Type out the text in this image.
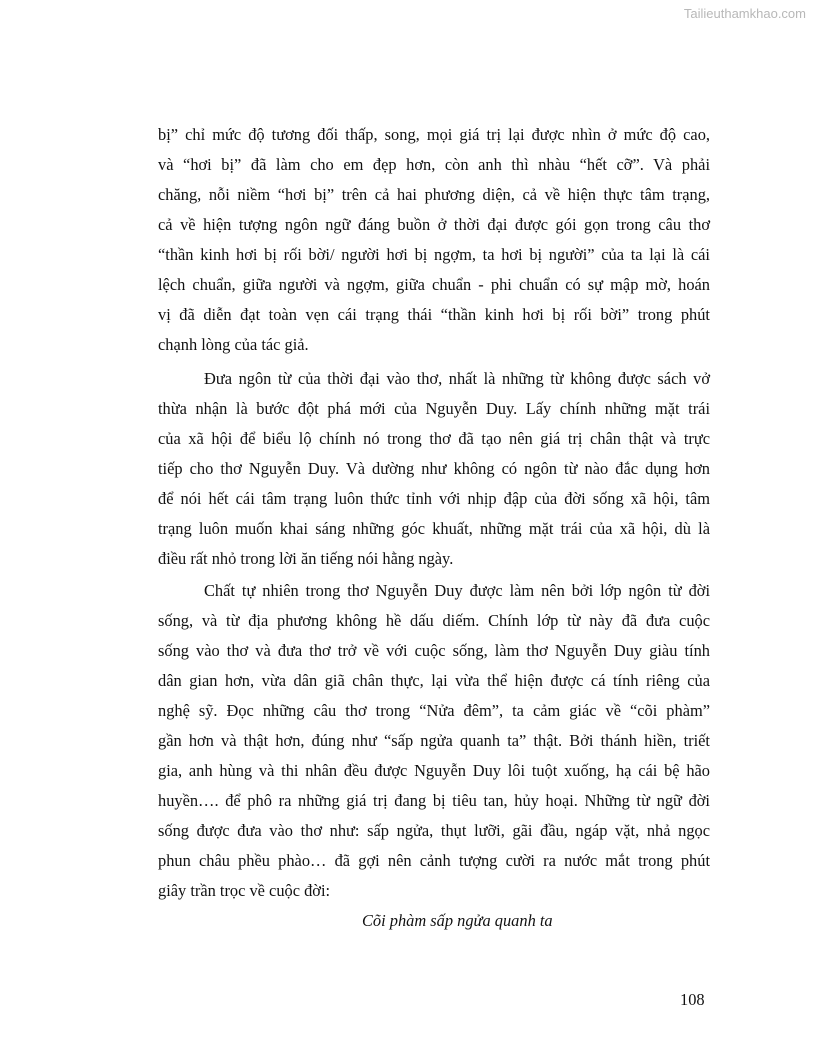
Tailieuthamkhao.com
bị” chỉ mức độ tương đối thấp, song, mọi giá trị lại được nhìn ở mức độ cao,
và “hơi bị” đã làm cho em đẹp hơn, còn anh thì nhàu “hết cỡ”. Và phải
chăng, nỗi niềm “hơi bị” trên cả hai phương diện, cả về hiện thực tâm trạng,
cả về hiện tượng ngôn ngữ đáng buồn ở thời đại được gói gọn trong câu thơ
“thần kinh hơi bị rối bời/ người hơi bị ngợm, ta hơi bị người” của ta lại là cái
lệch chuẩn, giữa người và ngợm, giữa chuẩn - phi chuẩn có sự mập mờ, hoán
vị đã diễn đạt toàn vẹn cái trạng thái “thần kinh hơi bị rối bời” trong phút
chạnh lòng của tác giả.
Đưa ngôn từ của thời đại vào thơ, nhất là những từ không được sách vở
thừa nhận là bước đột phá mới của Nguyễn Duy. Lấy chính những mặt trái
của xã hội để biểu lộ chính nó trong thơ đã tạo nên giá trị chân thật và trực
tiếp cho thơ Nguyễn Duy. Và dường như không có ngôn từ nào đắc dụng hơn
để nói hết cái tâm trạng luôn thức tỉnh với nhịp đập của đời sống xã hội, tâm
trạng luôn muốn khai sáng những góc khuất, những mặt trái của xã hội, dù là
điều rất nhỏ trong lời ăn tiếng nói hằng ngày.
Chất tự nhiên trong thơ Nguyễn Duy được làm nên bởi lớp ngôn từ đời
sống, và từ địa phương không hề dấu diếm. Chính lớp từ này đã đưa cuộc
sống vào thơ và đưa thơ trở về với cuộc sống, làm thơ Nguyễn Duy giàu tính
dân gian hơn, vừa dân giã chân thực, lại vừa thể hiện được cá tính riêng của
nghệ sỹ. Đọc những câu thơ trong “Nửa đêm”, ta cảm giác về “cõi phàm”
gần hơn và thật hơn, đúng như “sấp ngửa quanh ta” thật. Bởi thánh hiền, triết
gia, anh hùng và thi nhân đều được Nguyễn Duy lôi tuột xuống, hạ cái bệ hão
huyền…. để phô ra những giá trị đang bị tiêu tan, hủy hoại. Những từ ngữ đời
sống được đưa vào thơ như: sấp ngửa, thụt lưỡi, gãi đầu, ngáp vặt, nhả ngọc
phun châu phều phào… đã gợi nên cảnh tượng cười ra nước mắt trong phút
giây trần trọc về cuộc đời:
Cõi phàm sấp ngửa quanh ta
108
